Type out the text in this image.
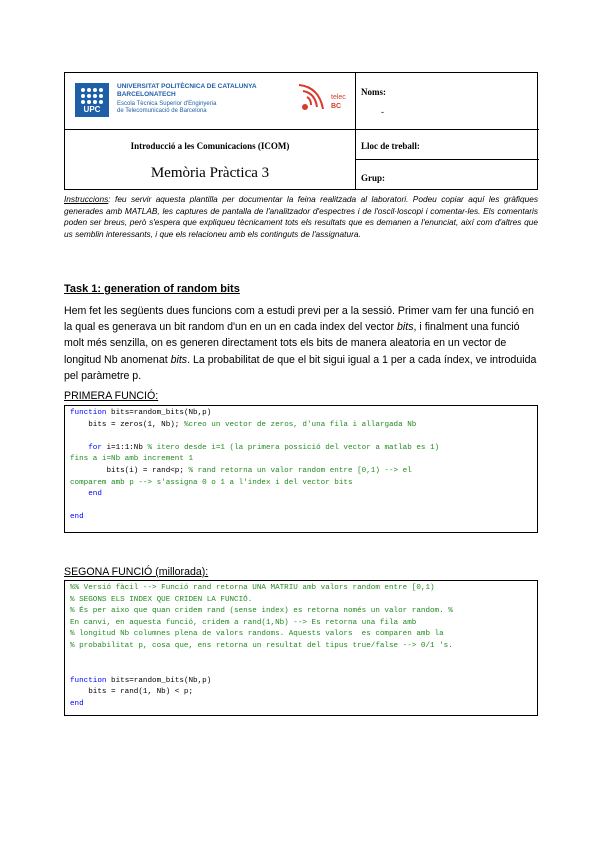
UPC
UNIVERSITAT POLITÈCNICA DE CATALUNYA
BARCELONATECH
Escola Tècnica Superior d'Enginyeria
de Telecomunicació de Barcelona
telec
BC
Introducció a les Comunicacions (ICOM)
Memòria Pràctica 3
Noms:
-
Lloc de treball:
Grup:
Instruccions: feu servir aquesta plantilla per documentar la feina realitzada al laboratori. Podeu copiar aquí les gràfiques generades amb MATLAB, les captures de pantalla de l'analitzador d'espectres i de l'oscil·loscopi i comentar-les. Els comentaris poden ser breus, però s'espera que expliqueu tècnicament tots els resultats que es demanen a l'enunciat, així com d'altres que us semblin interessants, i que els relacioneu amb els continguts de l'assignatura.
Task 1: generation of random bits
Hem fet les següents dues funcions com a estudi previ per a la sessió. Primer vam fer una funció en la qual es generava un bit random d'un en un en cada index del vector bits, i finalment una funció molt més senzilla, on es generen directament tots els bits de manera aleatoria en un vector de longitud Nb anomenat bits. La probabilitat de que el bit sigui igual a 1 per a cada índex, ve introduida pel paràmetre p.
PRIMERA FUNCIÓ:
function bits=random_bits(Nb,p)
bits = zeros(1, Nb); %creo un vector de zeros, d'una fila i allargada Nb
for i=1:1:Nb % itero desde i=1 (la primera possició del vector a matlab es 1)
fins a i=Nb amb increment 1
bits(i) = rand<p; % rand retorna un valor random entre [0,1) --> el
comparem amb p --> s'assigna 0 o 1 a l'index i del vector bits
end
end
SEGONA FUNCIÓ (millorada):
%% Versió fàcil --> Funció rand retorna UNA MATRIU amb valors random entre [0,1)
% SEGONS ELS INDEX QUE CRIDEN LA FUNCIÓ.
% És per aixo que quan cridem rand (sense index) es retorna només un valor random. %
En canvi, en aquesta funció, cridem a rand(1,Nb) --> Es retorna una fila amb
% longitud Nb columnes plena de valors randoms. Aquests valors  es comparen amb la
% probabilitat p, cosa que, ens retorna un resultat del tipus true/false --> 0/1 's.
function bits=random_bits(Nb,p)
bits = rand(1, Nb) < p;
end
